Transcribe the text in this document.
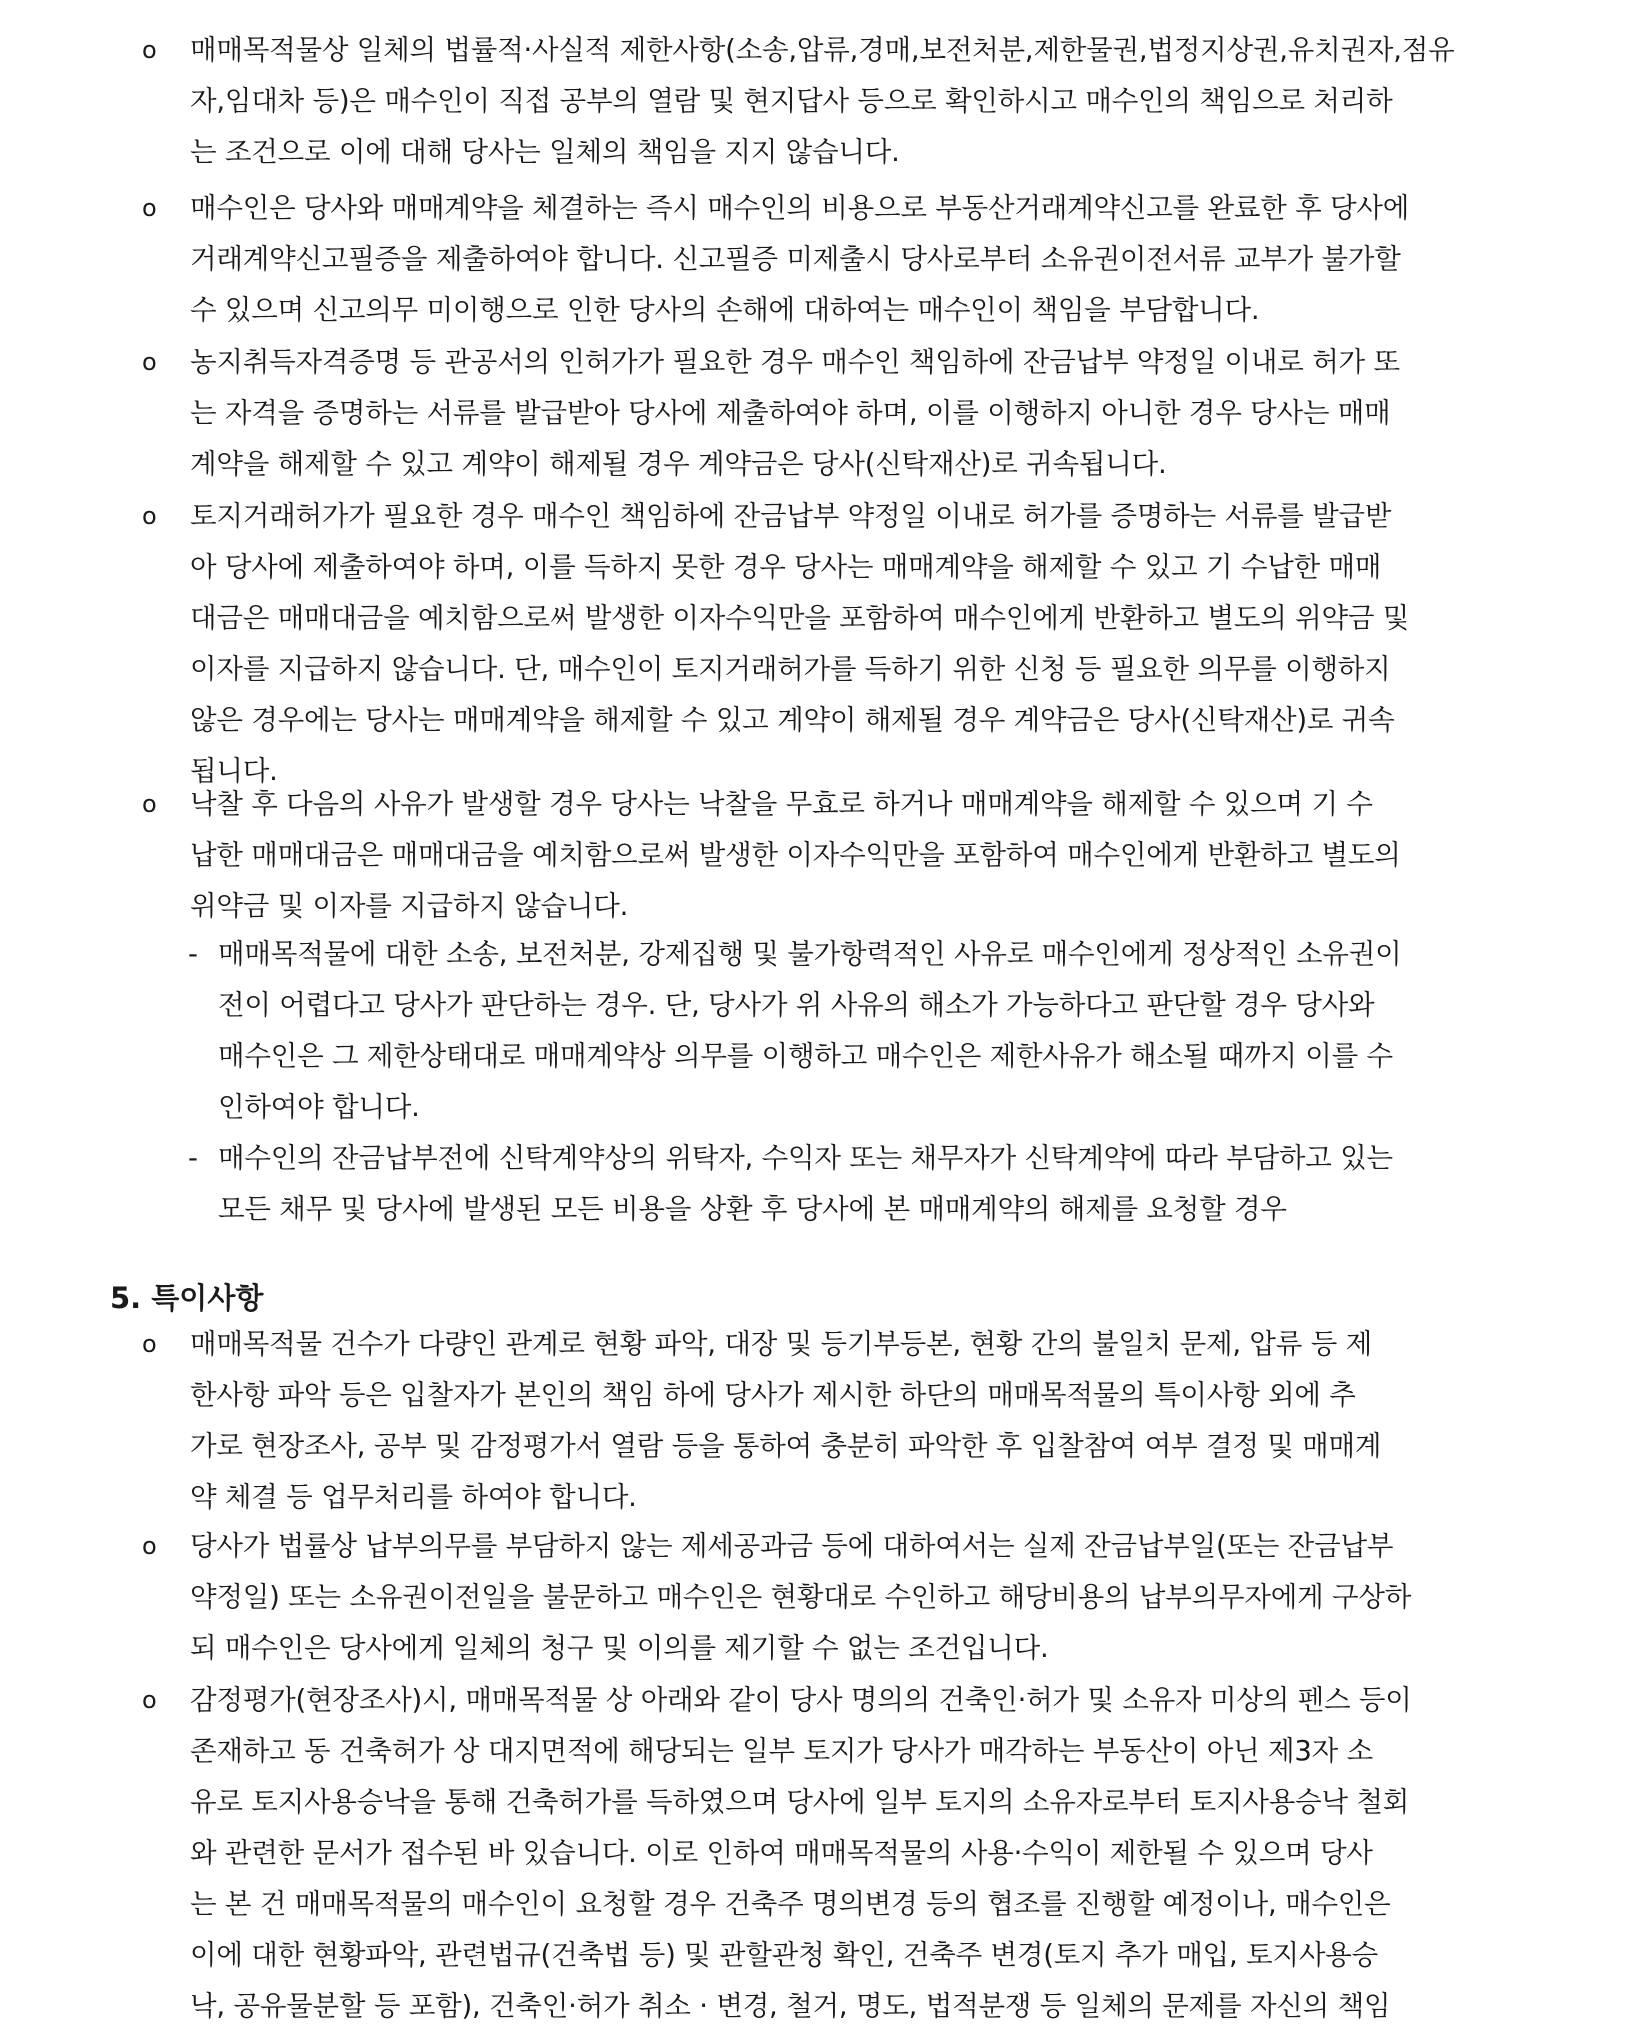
o	매매목적물상 일체의 법률적·사실적 제한사항(소송,압류,경매,보전처분,제한물권,법정지상권,유치권자,점유
자,임대차 등)은 매수인이 직접 공부의 열람 및 현지답사 등으로 확인하시고 매수인의 책임으로 처리하
는 조건으로 이에 대해 당사는 일체의 책임을 지지 않습니다.
o	매수인은 당사와 매매계약을 체결하는 즉시 매수인의 비용으로 부동산거래계약신고를 완료한 후 당사에
거래계약신고필증을 제출하여야 합니다. 신고필증 미제출시 당사로부터 소유권이전서류 교부가 불가할
수 있으며 신고의무 미이행으로 인한 당사의 손해에 대하여는 매수인이 책임을 부담합니다.
o	농지취득자격증명 등 관공서의 인허가가 필요한 경우 매수인 책임하에 잔금납부 약정일 이내로 허가 또
는 자격을 증명하는 서류를 발급받아 당사에 제출하여야 하며, 이를 이행하지 아니한 경우 당사는 매매
계약을 해제할 수 있고 계약이 해제될 경우 계약금은 당사(신탁재산)로 귀속됩니다.
o	토지거래허가가 필요한 경우 매수인 책임하에 잔금납부 약정일 이내로 허가를 증명하는 서류를 발급받
아 당사에 제출하여야 하며, 이를 득하지 못한 경우 당사는 매매계약을 해제할 수 있고 기 수납한 매매
대금은 매매대금을 예치함으로써 발생한 이자수익만을 포함하여 매수인에게 반환하고 별도의 위약금 및
이자를 지급하지 않습니다. 단, 매수인이 토지거래허가를 득하기 위한 신청 등 필요한 의무를 이행하지
않은 경우에는 당사는 매매계약을 해제할 수 있고 계약이 해제될 경우 계약금은 당사(신탁재산)로 귀속
됩니다.
o	낙찰 후 다음의 사유가 발생할 경우 당사는 낙찰을 무효로 하거나 매매계약을 해제할 수 있으며 기 수
납한 매매대금은 매매대금을 예치함으로써 발생한 이자수익만을 포함하여 매수인에게 반환하고 별도의
위약금 및 이자를 지급하지 않습니다.
- 매매목적물에 대한 소송, 보전처분, 강제집행 및 불가항력적인 사유로 매수인에게 정상적인 소유권이
전이 어렵다고 당사가 판단하는 경우. 단, 당사가 위 사유의 해소가 가능하다고 판단할 경우 당사와
매수인은 그 제한상태대로 매매계약상 의무를 이행하고 매수인은 제한사유가 해소될 때까지 이를 수
인하여야 합니다.
- 매수인의 잔금납부전에 신탁계약상의 위탁자, 수익자 또는 채무자가 신탁계약에 따라 부담하고 있는
모든 채무 및 당사에 발생된 모든 비용을 상환 후 당사에 본 매매계약의 해제를 요청할 경우
5. 특이사항
o	매매목적물 건수가 다량인 관계로 현황 파악, 대장 및 등기부등본, 현황 간의 불일치 문제, 압류 등 제
한사항 파악 등은 입찰자가 본인의 책임 하에 당사가 제시한 하단의 매매목적물의 특이사항 외에 추
가로 현장조사, 공부 및 감정평가서 열람 등을 통하여 충분히 파악한 후 입찰참여 여부 결정 및 매매계
약 체결 등 업무처리를 하여야 합니다.
o	당사가 법률상 납부의무를 부담하지 않는 제세공과금 등에 대하여서는 실제 잔금납부일(또는 잔금납부
약정일) 또는 소유권이전일을 불문하고 매수인은 현황대로 수인하고 해당비용의 납부의무자에게 구상하
되 매수인은 당사에게 일체의 청구 및 이의를 제기할 수 없는 조건입니다.
o	감정평가(현장조사)시, 매매목적물 상 아래와 같이 당사 명의의 건축인·허가 및 소유자 미상의 펜스 등이
존재하고 동 건축허가 상 대지면적에 해당되는 일부 토지가 당사가 매각하는 부동산이 아닌 제3자 소
유로 토지사용승낙을 통해 건축허가를 득하였으며 당사에 일부 토지의 소유자로부터 토지사용승낙 철회
와 관련한 문서가 접수된 바 있습니다. 이로 인하여 매매목적물의 사용·수익이 제한될 수 있으며 당사
는 본 건 매매목적물의 매수인이 요청할 경우 건축주 명의변경 등의 협조를 진행할 예정이나, 매수인은
이에 대한 현황파악, 관련법규(건축법 등) 및 관할관청 확인, 건축주 변경(토지 추가 매입, 토지사용승
낙, 공유물분할 등 포함), 건축인·허가 취소 · 변경, 철거, 명도, 법적분쟁 등 일체의 문제를 자신의 책임
